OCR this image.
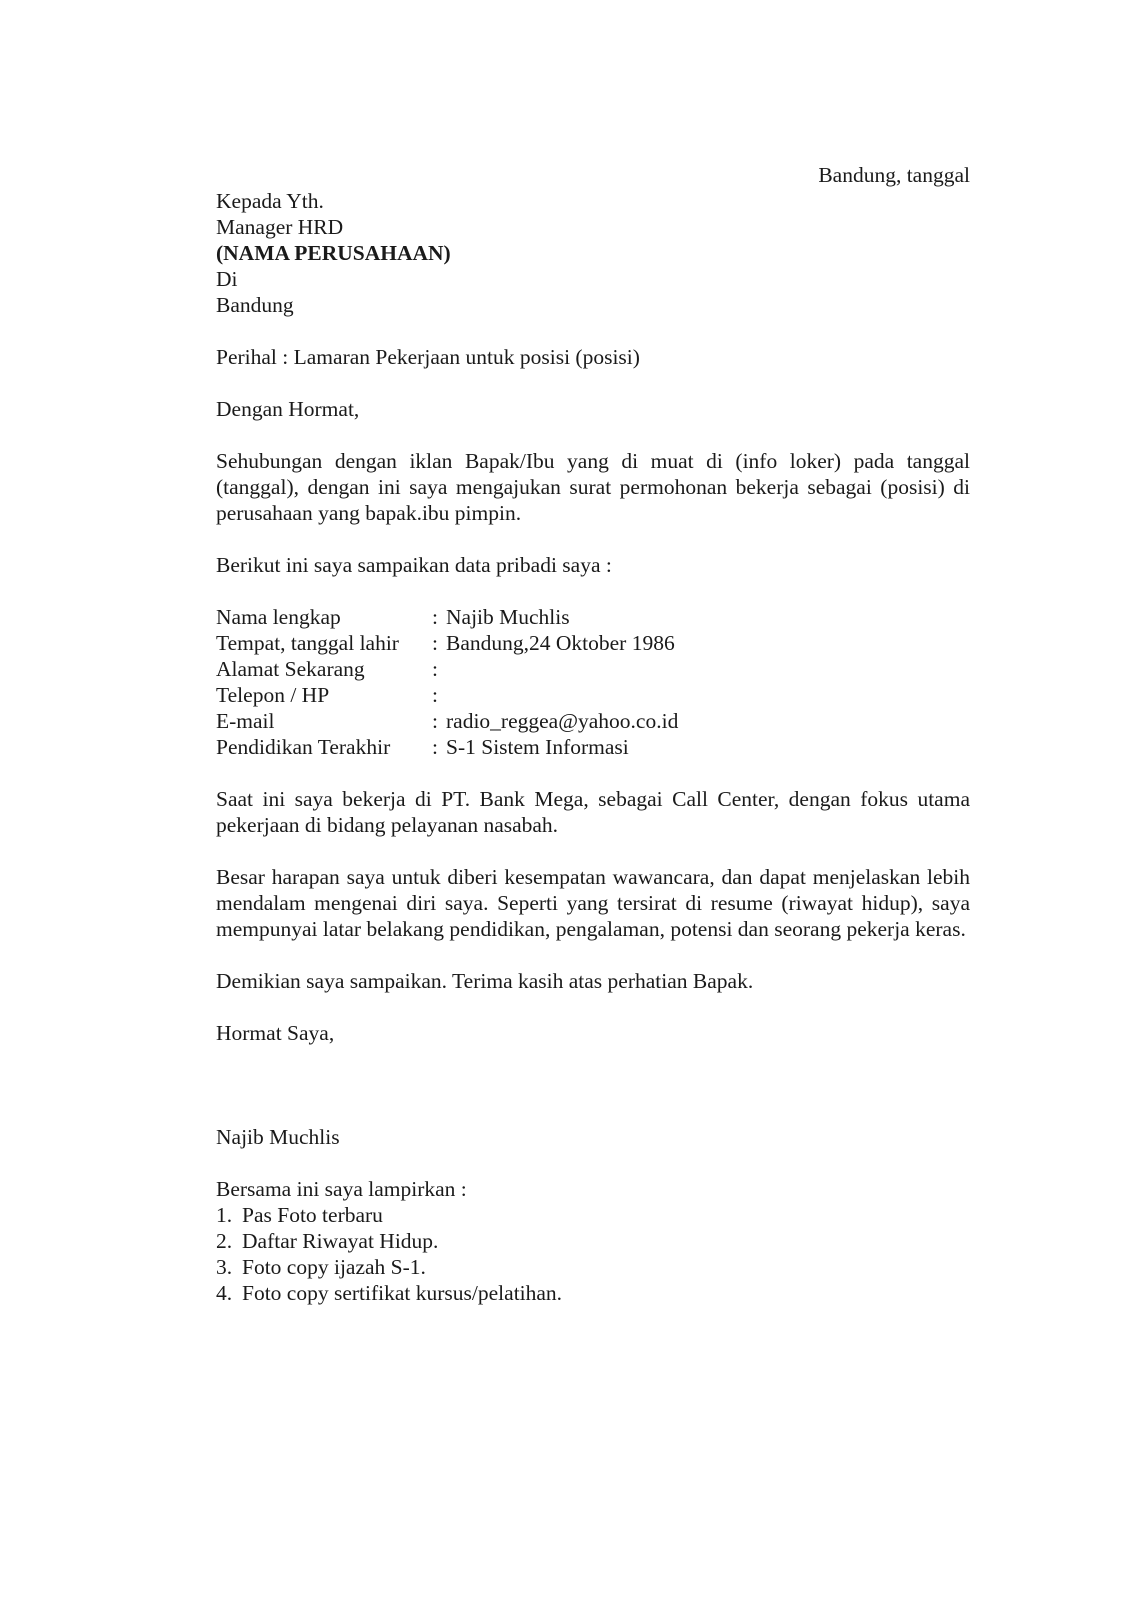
Bandung, tanggal
Kepada Yth.
Manager HRD
(NAMA PERUSAHAAN)
Di
Bandung
Perihal : Lamaran Pekerjaan untuk posisi (posisi)
Dengan Hormat,
Sehubungan dengan iklan Bapak/Ibu yang di muat di (info loker) pada tanggal (tanggal), dengan ini saya mengajukan surat permohonan bekerja sebagai (posisi) di perusahaan yang bapak.ibu pimpin.
Berikut ini saya sampaikan data pribadi saya :
Nama lengkap	:	Najib Muchlis
Tempat, tanggal lahir	:	Bandung,24 Oktober 1986
Alamat Sekarang	:	
Telepon / HP	:	
E-mail	:	radio_reggea@yahoo.co.id
Pendidikan Terakhir	:	S-1 Sistem Informasi
Saat ini saya bekerja di PT. Bank Mega, sebagai Call Center, dengan fokus utama pekerjaan di bidang pelayanan nasabah.
Besar harapan saya untuk diberi kesempatan wawancara, dan dapat menjelaskan lebih mendalam mengenai diri saya. Seperti yang tersirat di resume (riwayat hidup), saya mempunyai latar belakang pendidikan, pengalaman, potensi dan seorang pekerja keras.
Demikian saya sampaikan. Terima kasih atas perhatian Bapak.
Hormat Saya,
Najib Muchlis
Bersama ini saya lampirkan :
1. Pas Foto terbaru
2. Daftar Riwayat Hidup.
3. Foto copy ijazah S-1.
4. Foto copy sertifikat kursus/pelatihan.
